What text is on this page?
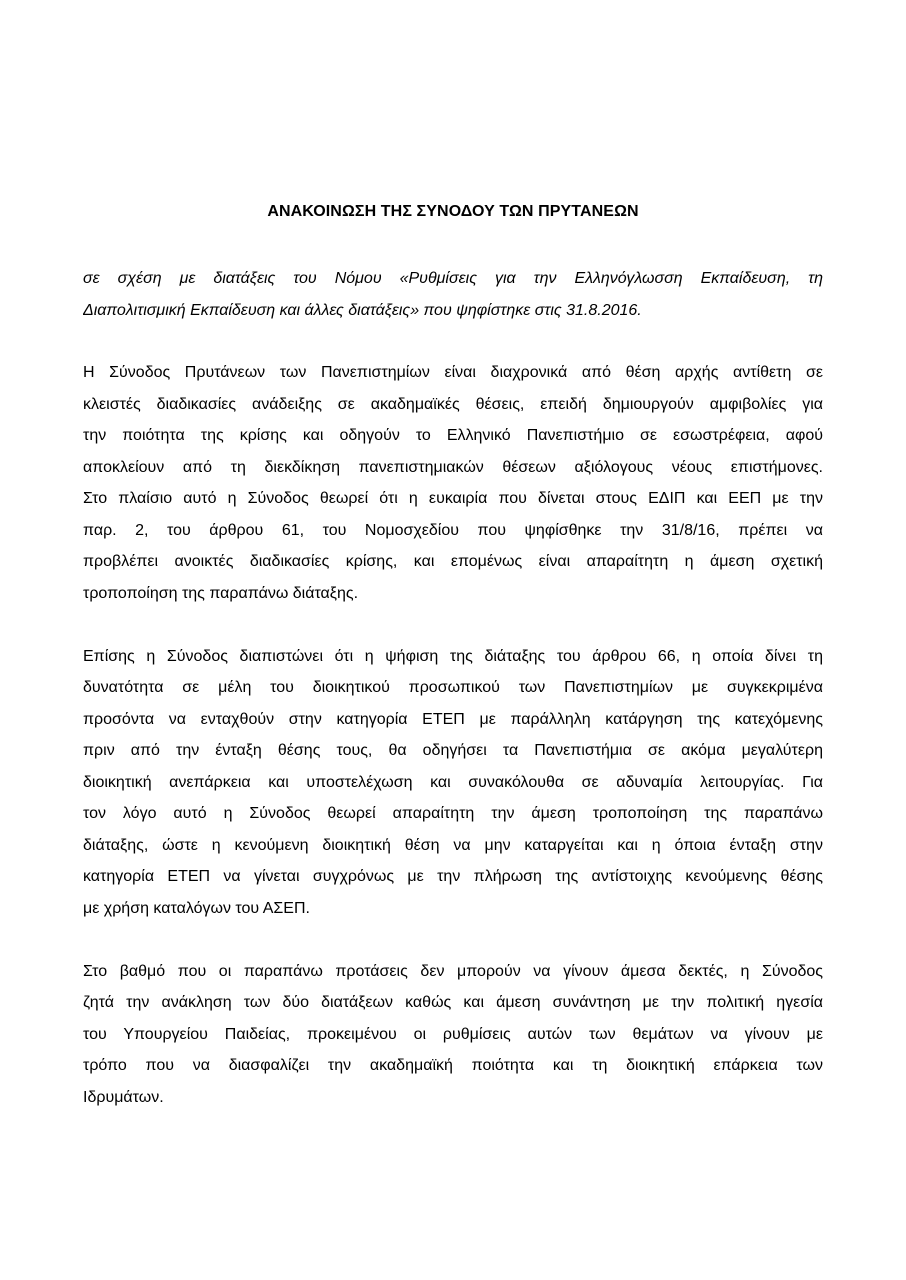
ΑΝΑΚΟΙΝΩΣΗ ΤΗΣ ΣΥΝΟΔΟΥ ΤΩΝ ΠΡΥΤΑΝΕΩΝ
σε σχέση με διατάξεις του Νόμου «Ρυθμίσεις για την Ελληνόγλωσση Εκπαίδευση, τη
Διαπολιτισμική Εκπαίδευση και άλλες διατάξεις» που ψηφίστηκε στις 31.8.2016.
Η Σύνοδος Πρυτάνεων των Πανεπιστημίων είναι διαχρονικά από θέση αρχής αντίθετη σε
κλειστές διαδικασίες ανάδειξης σε ακαδημαϊκές θέσεις, επειδή δημιουργούν αμφιβολίες για
την ποιότητα της κρίσης και οδηγούν το Ελληνικό Πανεπιστήμιο σε εσωστρέφεια, αφού
αποκλείουν από τη διεκδίκηση πανεπιστημιακών θέσεων αξιόλογους νέους επιστήμονες.
Στο πλαίσιο αυτό η Σύνοδος θεωρεί ότι η ευκαιρία που δίνεται στους ΕΔΙΠ και ΕΕΠ με την
παρ. 2, του άρθρου 61, του Νομοσχεδίου που ψηφίσθηκε την 31/8/16, πρέπει να
προβλέπει ανοικτές διαδικασίες κρίσης, και επομένως είναι απαραίτητη η άμεση σχετική
τροποποίηση της παραπάνω διάταξης.
Επίσης η Σύνοδος διαπιστώνει ότι η ψήφιση της διάταξης του άρθρου 66, η οποία δίνει τη
δυνατότητα σε μέλη του διοικητικού προσωπικού των Πανεπιστημίων με συγκεκριμένα
προσόντα να ενταχθούν στην κατηγορία ΕΤΕΠ με παράλληλη κατάργηση της κατεχόμενης
πριν από την ένταξη θέσης τους, θα οδηγήσει τα Πανεπιστήμια σε ακόμα μεγαλύτερη
διοικητική ανεπάρκεια και υποστελέχωση και συνακόλουθα σε αδυναμία λειτουργίας. Για
τον λόγο αυτό η Σύνοδος θεωρεί απαραίτητη την άμεση τροποποίηση της παραπάνω
διάταξης, ώστε η κενούμενη διοικητική θέση να μην καταργείται και η όποια ένταξη στην
κατηγορία ΕΤΕΠ να γίνεται συγχρόνως με την πλήρωση της αντίστοιχης κενούμενης θέσης
με χρήση καταλόγων του ΑΣΕΠ.
Στο βαθμό που οι παραπάνω προτάσεις δεν μπορούν να γίνουν άμεσα δεκτές, η Σύνοδος
ζητά την ανάκληση των δύο διατάξεων καθώς και άμεση συνάντηση με την πολιτική ηγεσία
του Υπουργείου Παιδείας, προκειμένου οι ρυθμίσεις αυτών των θεμάτων να γίνουν με
τρόπο που να διασφαλίζει την ακαδημαϊκή ποιότητα και τη διοικητική επάρκεια των
Ιδρυμάτων.
